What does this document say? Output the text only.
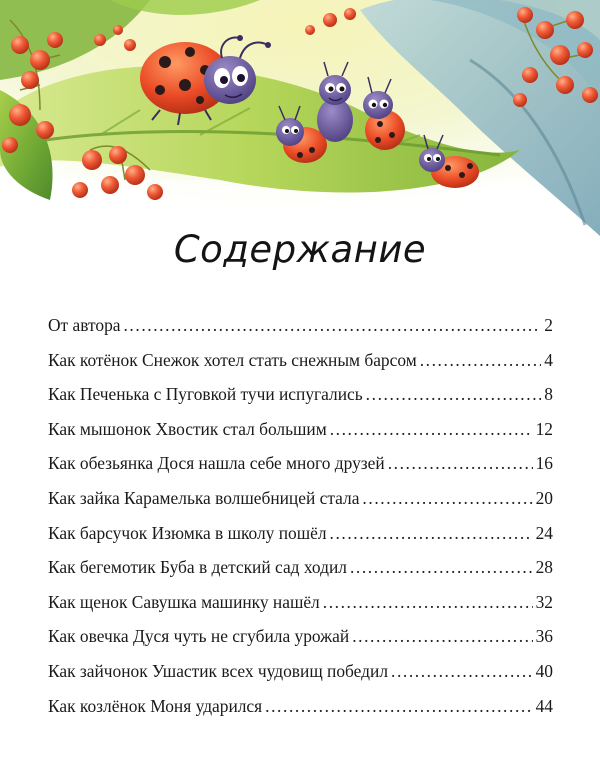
Содержание
От автора .....	2
Как котёнок Снежок хотел стать снежным барсом .....	4
Как Печенька с Пуговкой тучи испугались .....	8
Как мышонок Хвостик стал большим .....	12
Как обезьянка Дося нашла себе много друзей .....	16
Как зайка Карамелька волшебницей стала .....	20
Как барсучок Изюмка в школу пошёл .....	24
Как бегемотик Буба в детский сад ходил .....	28
Как щенок Савушка машинку нашёл .....	32
Как овечка Дуся чуть не сгубила урожай .....	36
Как зайчонок Ушастик всех чудовищ победил .....	40
Как козлёнок Моня ударился .....	44
